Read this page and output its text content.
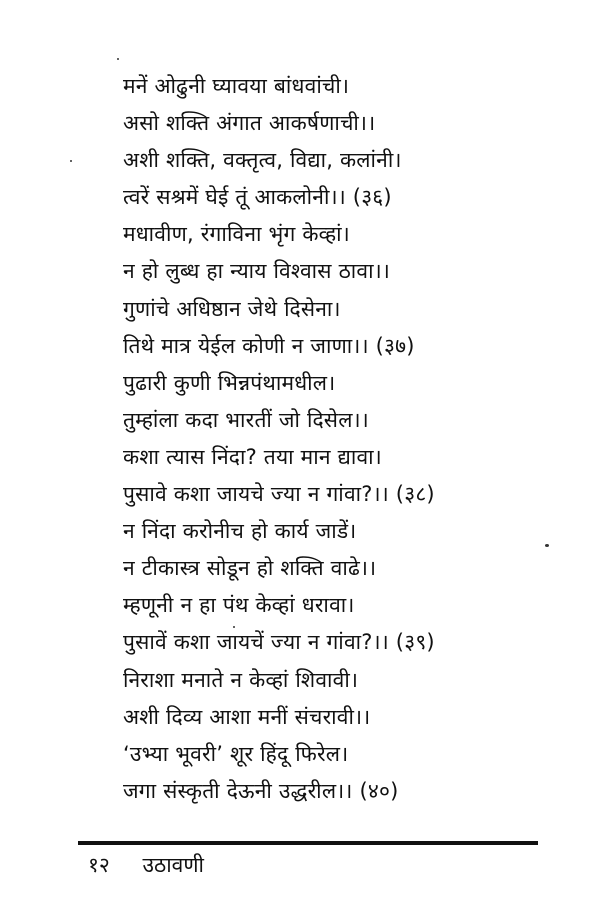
मनें ओढुनी घ्यावया बांधवांची।
असो शक्ति अंगात आकर्षणाची।।
अशी शक्ति, वक्तृत्व, विद्या, कलांनी।
त्वरें सश्रमें घेई तूं आकलोनी।। (३६)
मधावीण, रंगाविना भृंग केव्हां।
न हो लुब्ध हा न्याय विश्वास ठावा।।
गुणांचे अधिष्ठान जेथे दिसेना।
तिथे मात्र येईल कोणी न जाणा।। (३७)
पुढारी कुणी भिन्नपंथामधील।
तुम्हांला कदा भारतीं जो दिसेल।।
कशा त्यास निंदा? तया मान द्यावा।
पुसावे कशा जायचे ज्या न गांवा?।। (३८)
न निंदा करोनीच हो कार्य जाडें।
न टीकास्त्र सोडून हो शक्ति वाढे।।
म्हणूनी न हा पंथ केव्हां धरावा।
पुसावें कशा जायचें ज्या न गांवा?।। (३९)
निराशा मनाते न केव्हां शिवावी।
अशी दिव्य आशा मनीं संचरावी।।
‘उभ्या भूवरी’ शूर हिंदू फिरेल।
जगा संस्कृती देऊनी उद्धरील।। (४०)
१२ उठावणी
